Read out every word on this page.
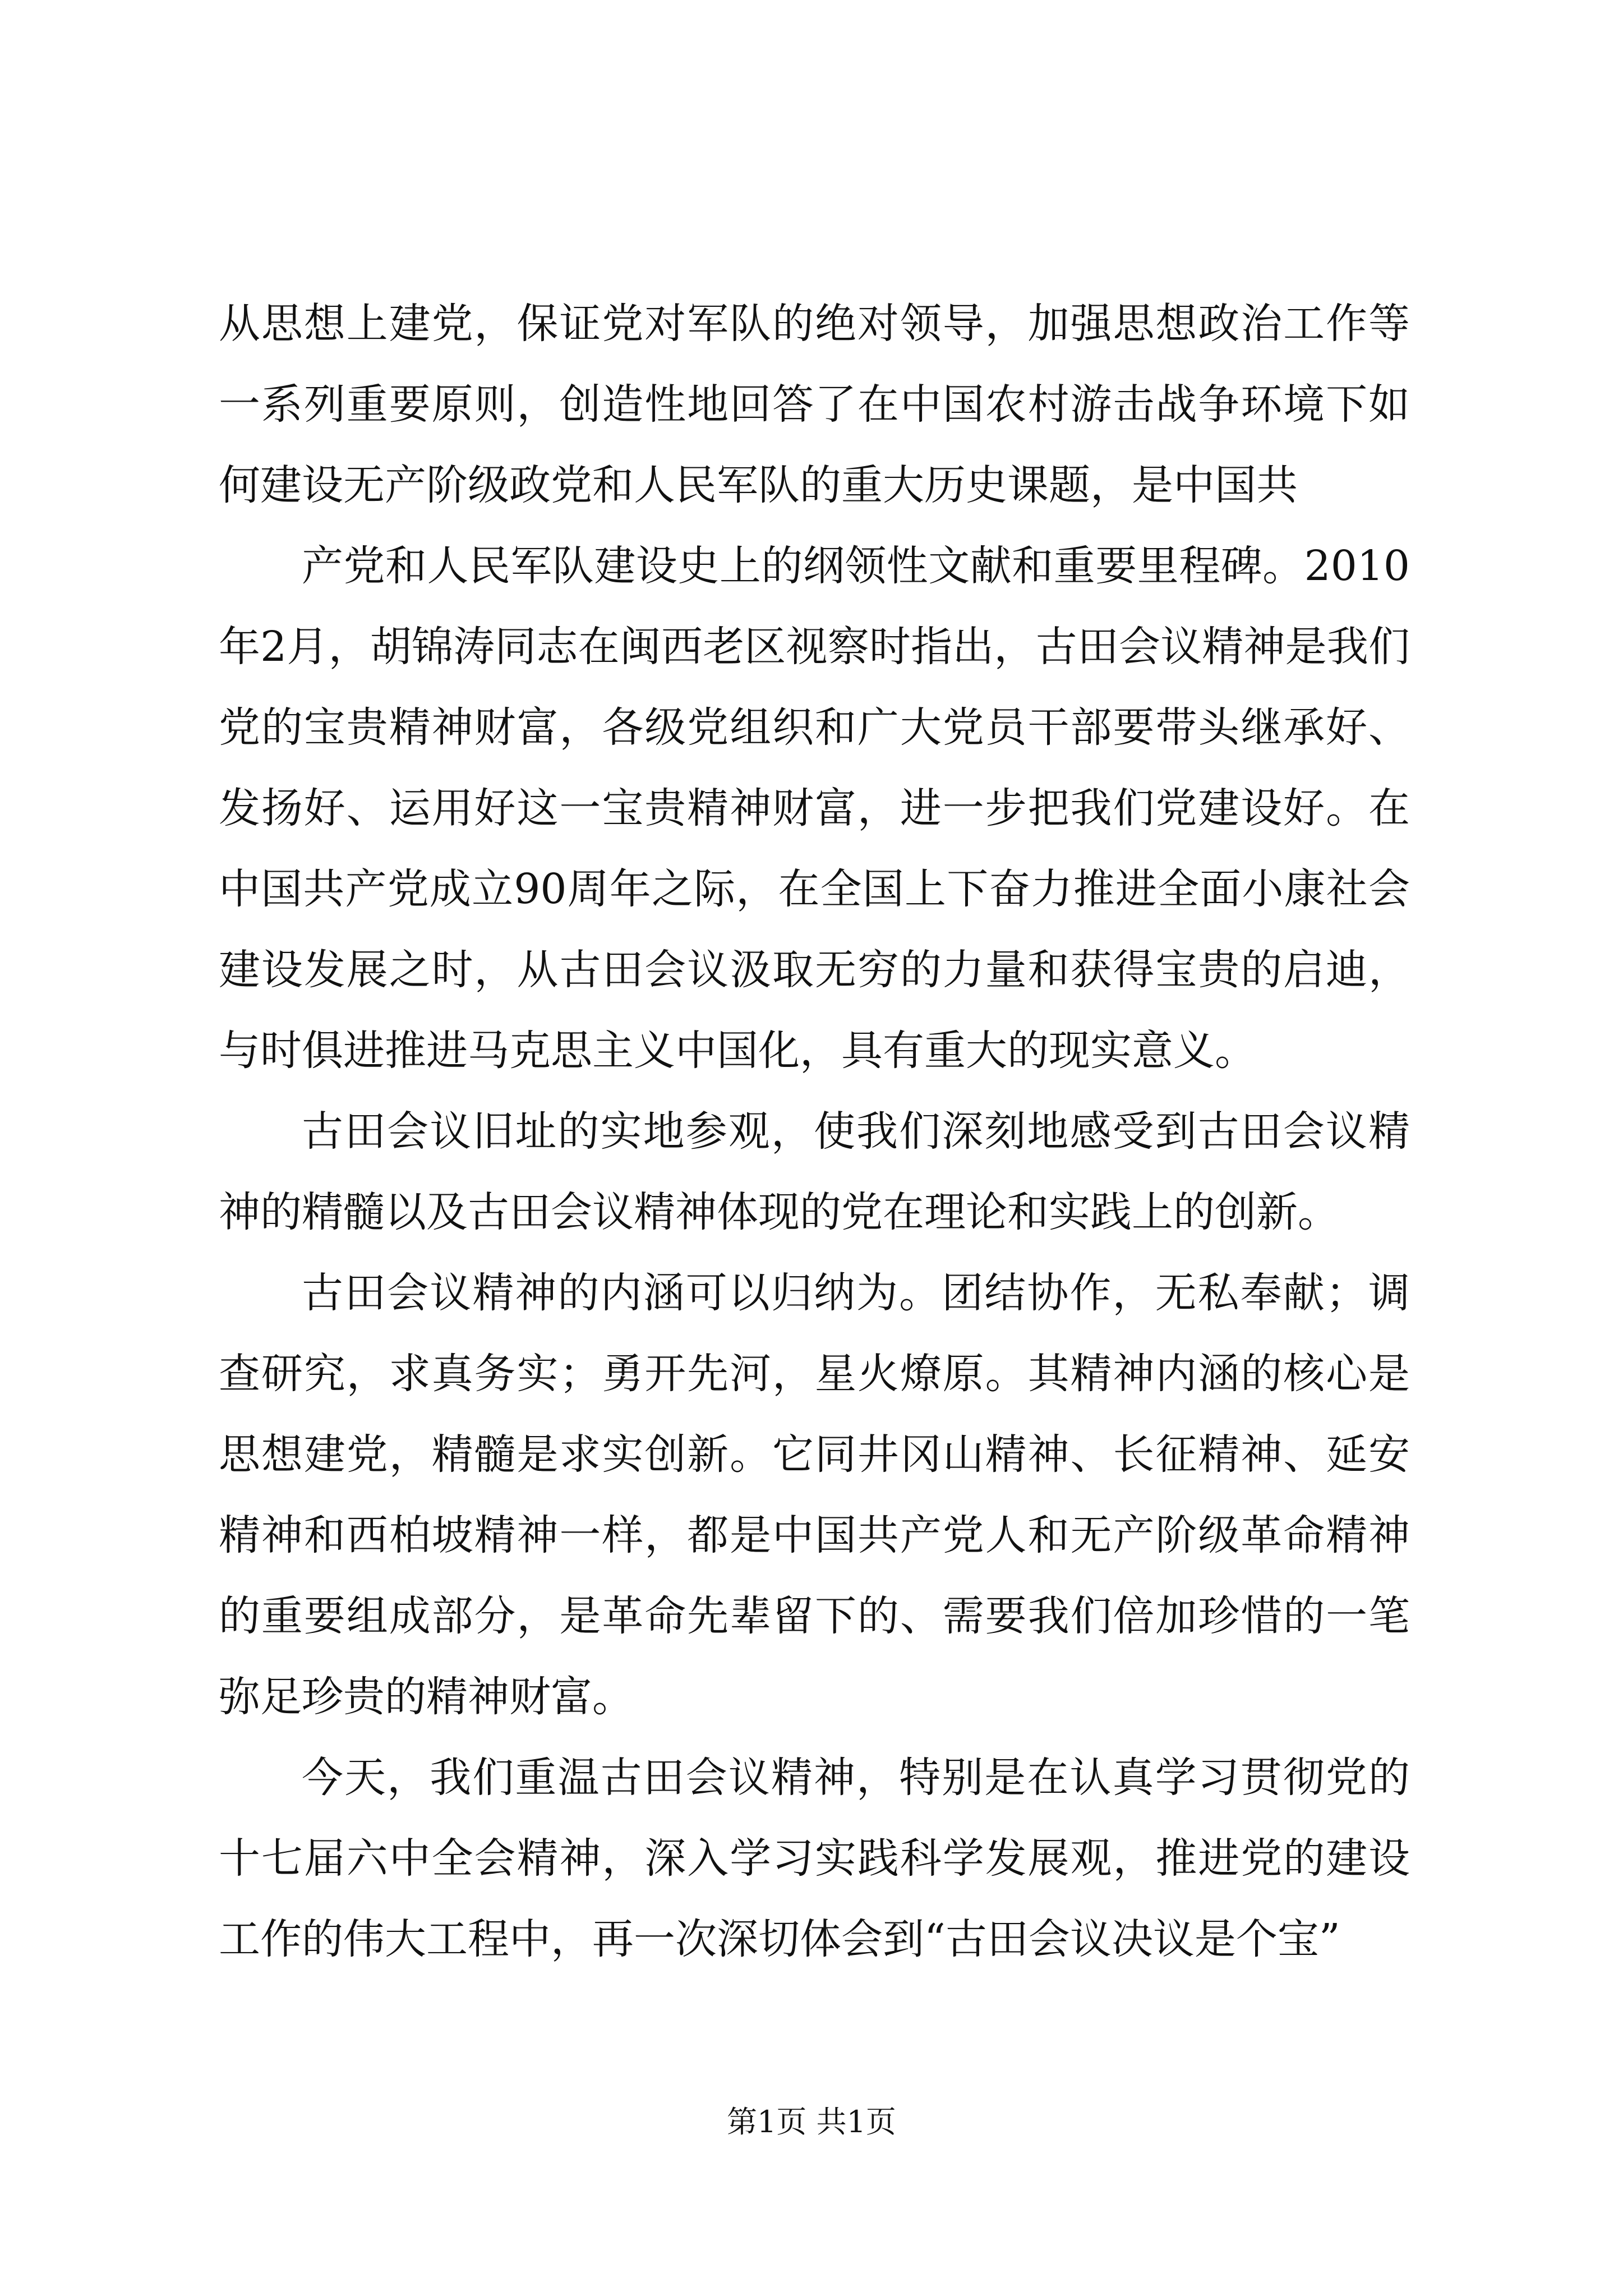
从思想上建党，保证党对军队的绝对领导，加强思想政治工作等一系列重要原则，创造性地回答了在中国农村游击战争环境下如何建设无产阶级政党和人民军队的重大历史课题，是中国共

产党和人民军队建设史上的纲领性文献和重要里程碑。2010年2月，胡锦涛同志在闽西老区视察时指出，古田会议精神是我们党的宝贵精神财富，各级党组织和广大党员干部要带头继承好、发扬好、运用好这一宝贵精神财富，进一步把我们党建设好。在中国共产党成立90周年之际，在全国上下奋力推进全面小康社会建设发展之时，从古田会议汲取无穷的力量和获得宝贵的启迪，与时俱进推进马克思主义中国化，具有重大的现实意义。

古田会议旧址的实地参观，使我们深刻地感受到古田会议精神的精髓以及古田会议精神体现的党在理论和实践上的创新。

古田会议精神的内涵可以归纳为。团结协作，无私奉献；调查研究，求真务实；勇开先河，星火燎原。其精神内涵的核心是思想建党，精髓是求实创新。它同井冈山精神、长征精神、延安精神和西柏坡精神一样，都是中国共产党人和无产阶级革命精神的重要组成部分，是革命先辈留下的、需要我们倍加珍惜的一笔弥足珍贵的精神财富。

今天，我们重温古田会议精神，特别是在认真学习贯彻党的十七届六中全会精神，深入学习实践科学发展观，推进党的建设工作的伟大工程中，再一次深切体会到“古田会议决议是个宝”

第1页 共1页
